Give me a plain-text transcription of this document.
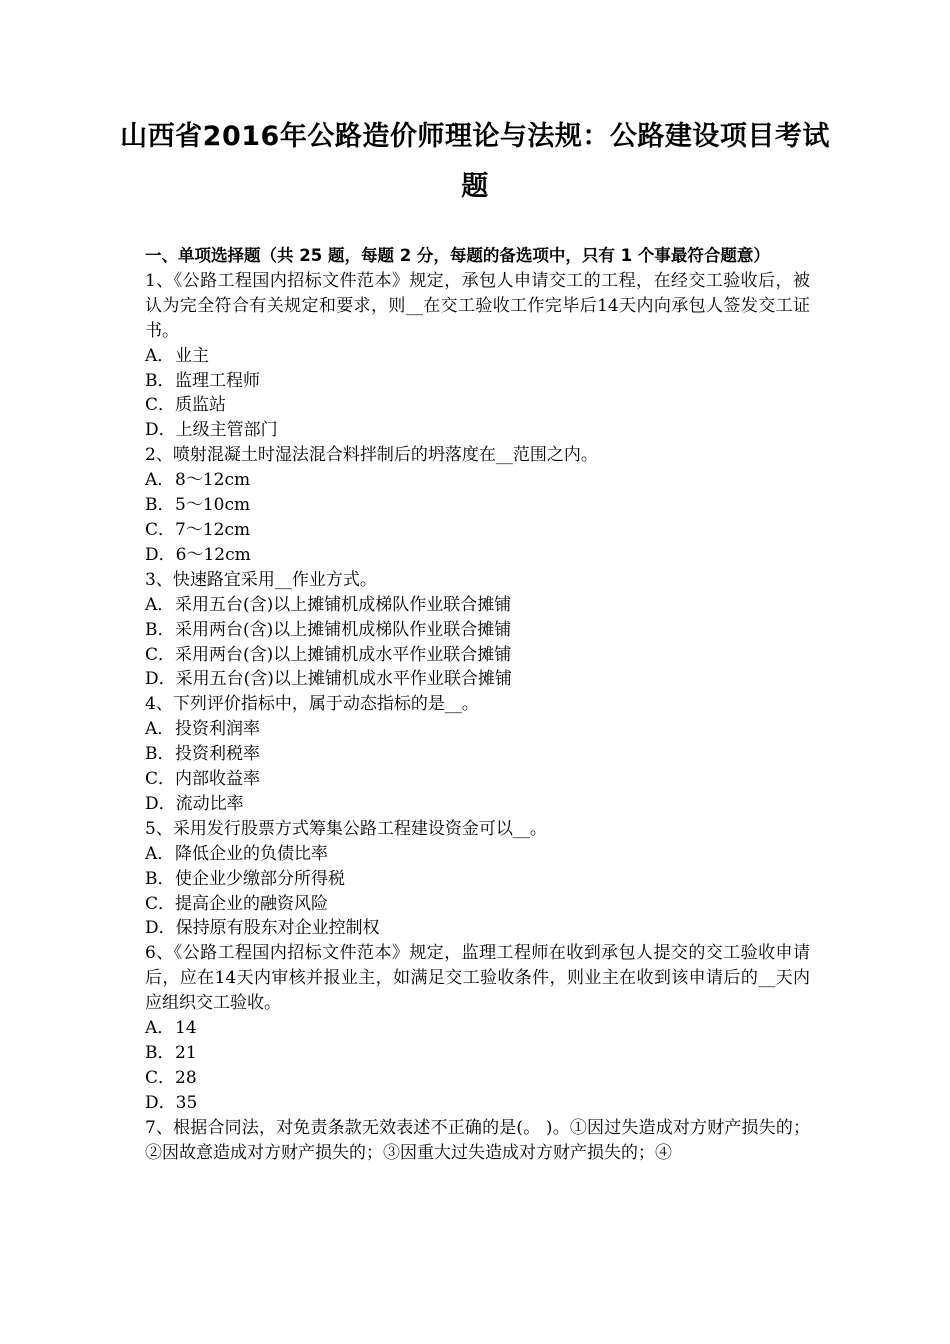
山西省2016年公路造价师理论与法规：公路建设项目考试题
一、单项选择题（共 25 题，每题 2 分，每题的备选项中，只有 1 个事最符合题意）
1、《公路工程国内招标文件范本》规定，承包人申请交工的工程，在经交工验收后，被认为完全符合有关规定和要求，则__在交工验收工作完毕后14天内向承包人签发交工证书。
A．业主
B．监理工程师
C．质监站
D．上级主管部门
2、喷射混凝土时湿法混合料拌制后的坍落度在__范围之内。
A．8～12cm
B．5～10cm
C．7～12cm
D．6～12cm
3、快速路宜采用__作业方式。
A．采用五台(含)以上摊铺机成梯队作业联合摊铺
B．采用两台(含)以上摊铺机成梯队作业联合摊铺
C．采用两台(含)以上摊铺机成水平作业联合摊铺
D．采用五台(含)以上摊铺机成水平作业联合摊铺
4、下列评价指标中，属于动态指标的是__。
A．投资利润率
B．投资利税率
C．内部收益率
D．流动比率
5、采用发行股票方式筹集公路工程建设资金可以__。
A．降低企业的负债比率
B．使企业少缴部分所得税
C．提高企业的融资风险
D．保持原有股东对企业控制权
6、《公路工程国内招标文件范本》规定，监理工程师在收到承包人提交的交工验收申请后，应在14天内审核并报业主，如满足交工验收条件，则业主在收到该申请后的__天内应组织交工验收。
A．14
B．21
C．28
D．35
7、根据合同法，对免责条款无效表述不正确的是(。 )。①因过失造成对方财产损失的；②因故意造成对方财产损失的；③因重大过失造成对方财产损失的；④
